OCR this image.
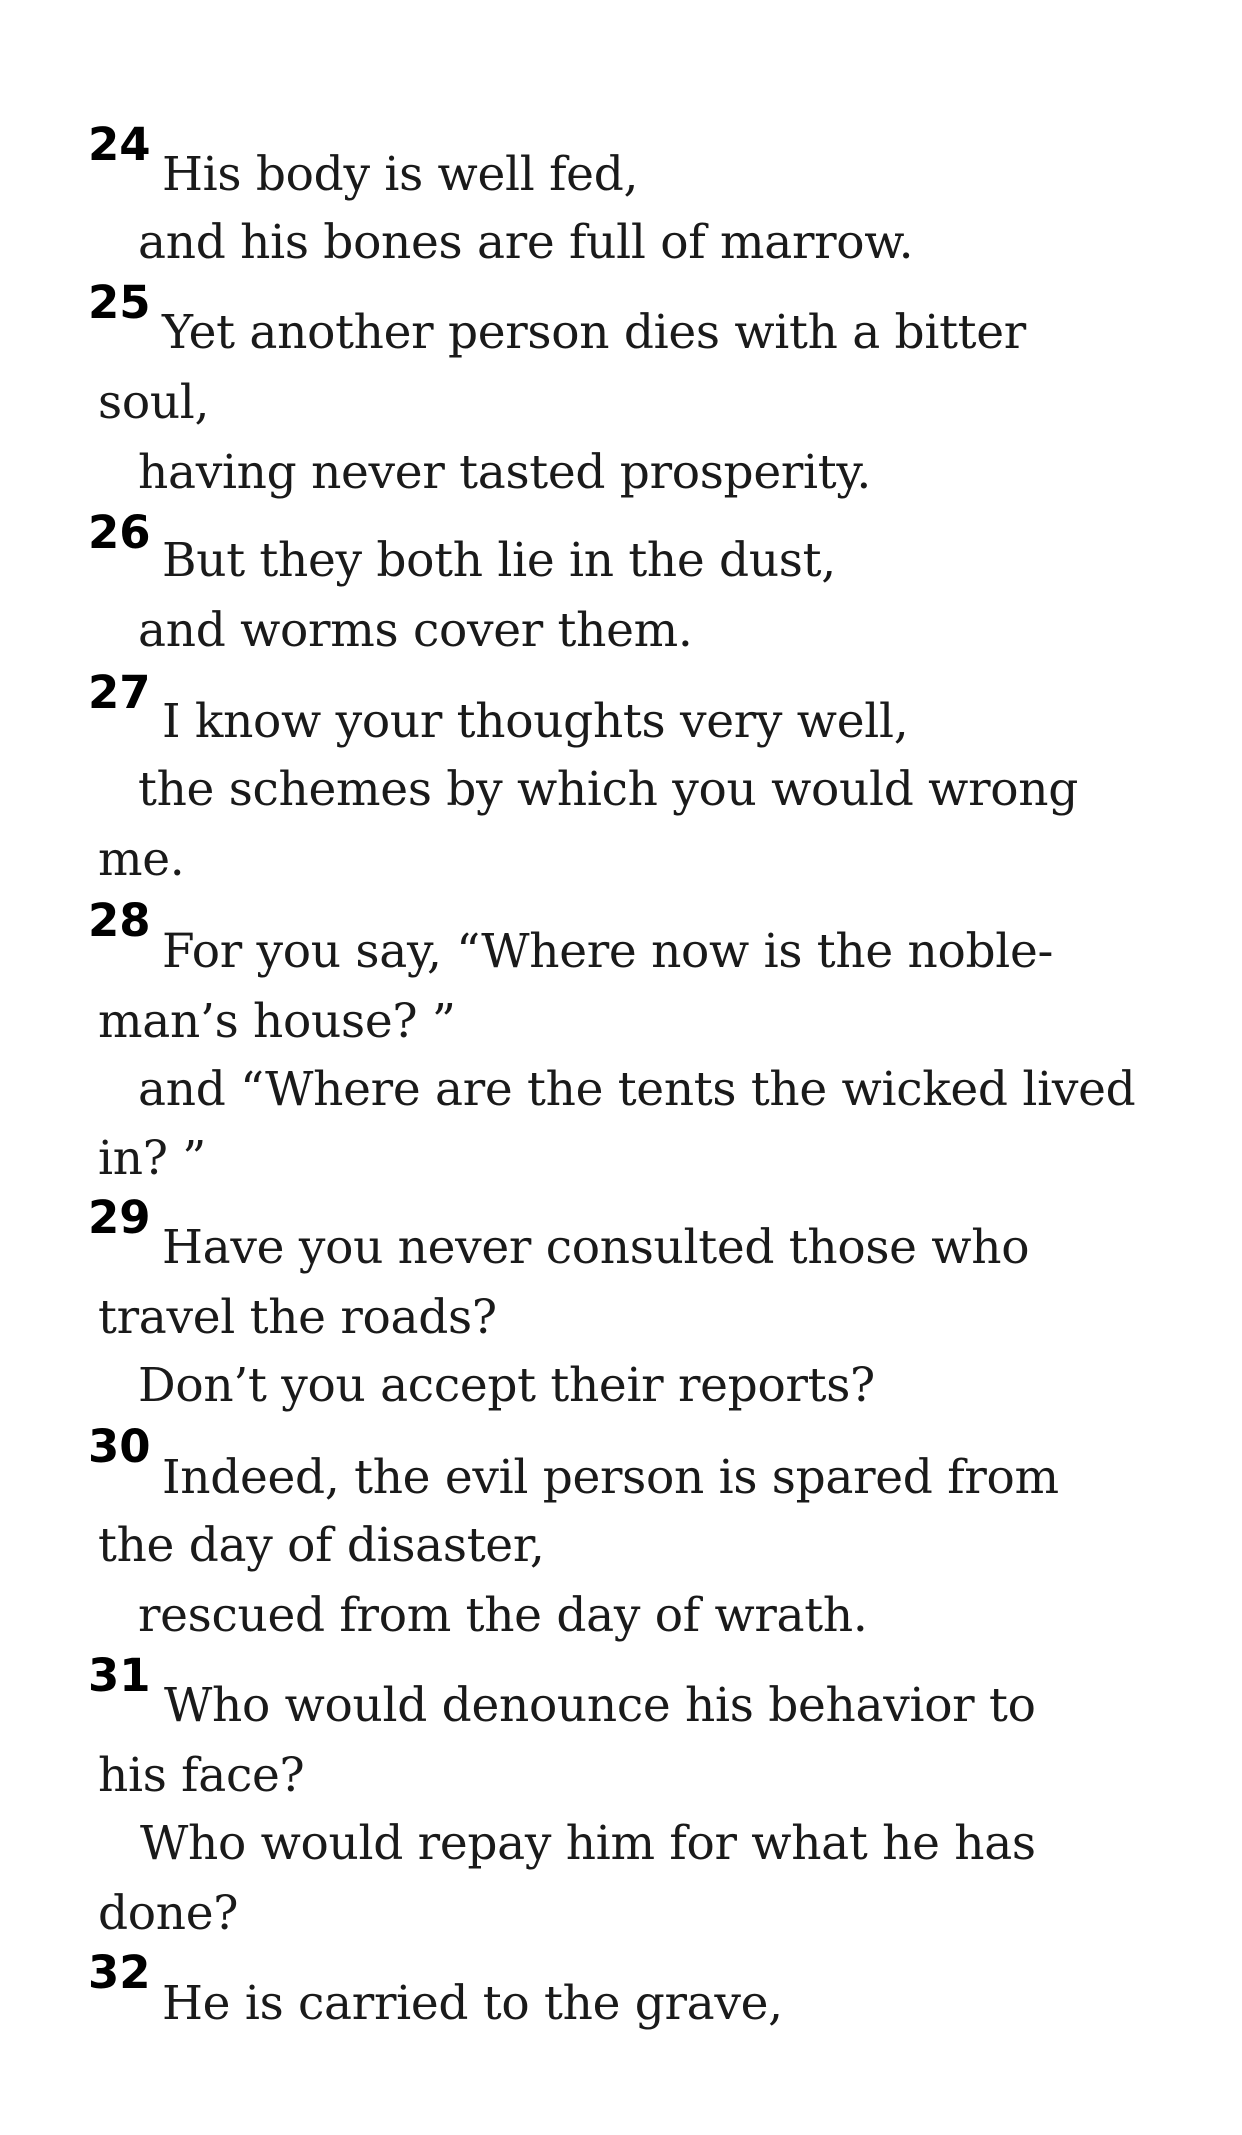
24
His body is well fed,
and his bones are full of marrow.
25
Yet another person dies with a bitter
soul,
having never tasted prosperity.
26
But they both lie in the dust,
and worms cover them.
27
I know your thoughts very well,
the schemes by which you would wrong
me.
28
For you say, “Where now is the noble-
man’s house? ”
and “Where are the tents the wicked lived
in? ”
29
Have you never consulted those who
travel the roads?
Don’t you accept their reports?
30
Indeed, the evil person is spared from
the day of disaster,
rescued from the day of wrath.
31
Who would denounce his behavior to
his face?
Who would repay him for what he has
done?
32
He is carried to the grave,
